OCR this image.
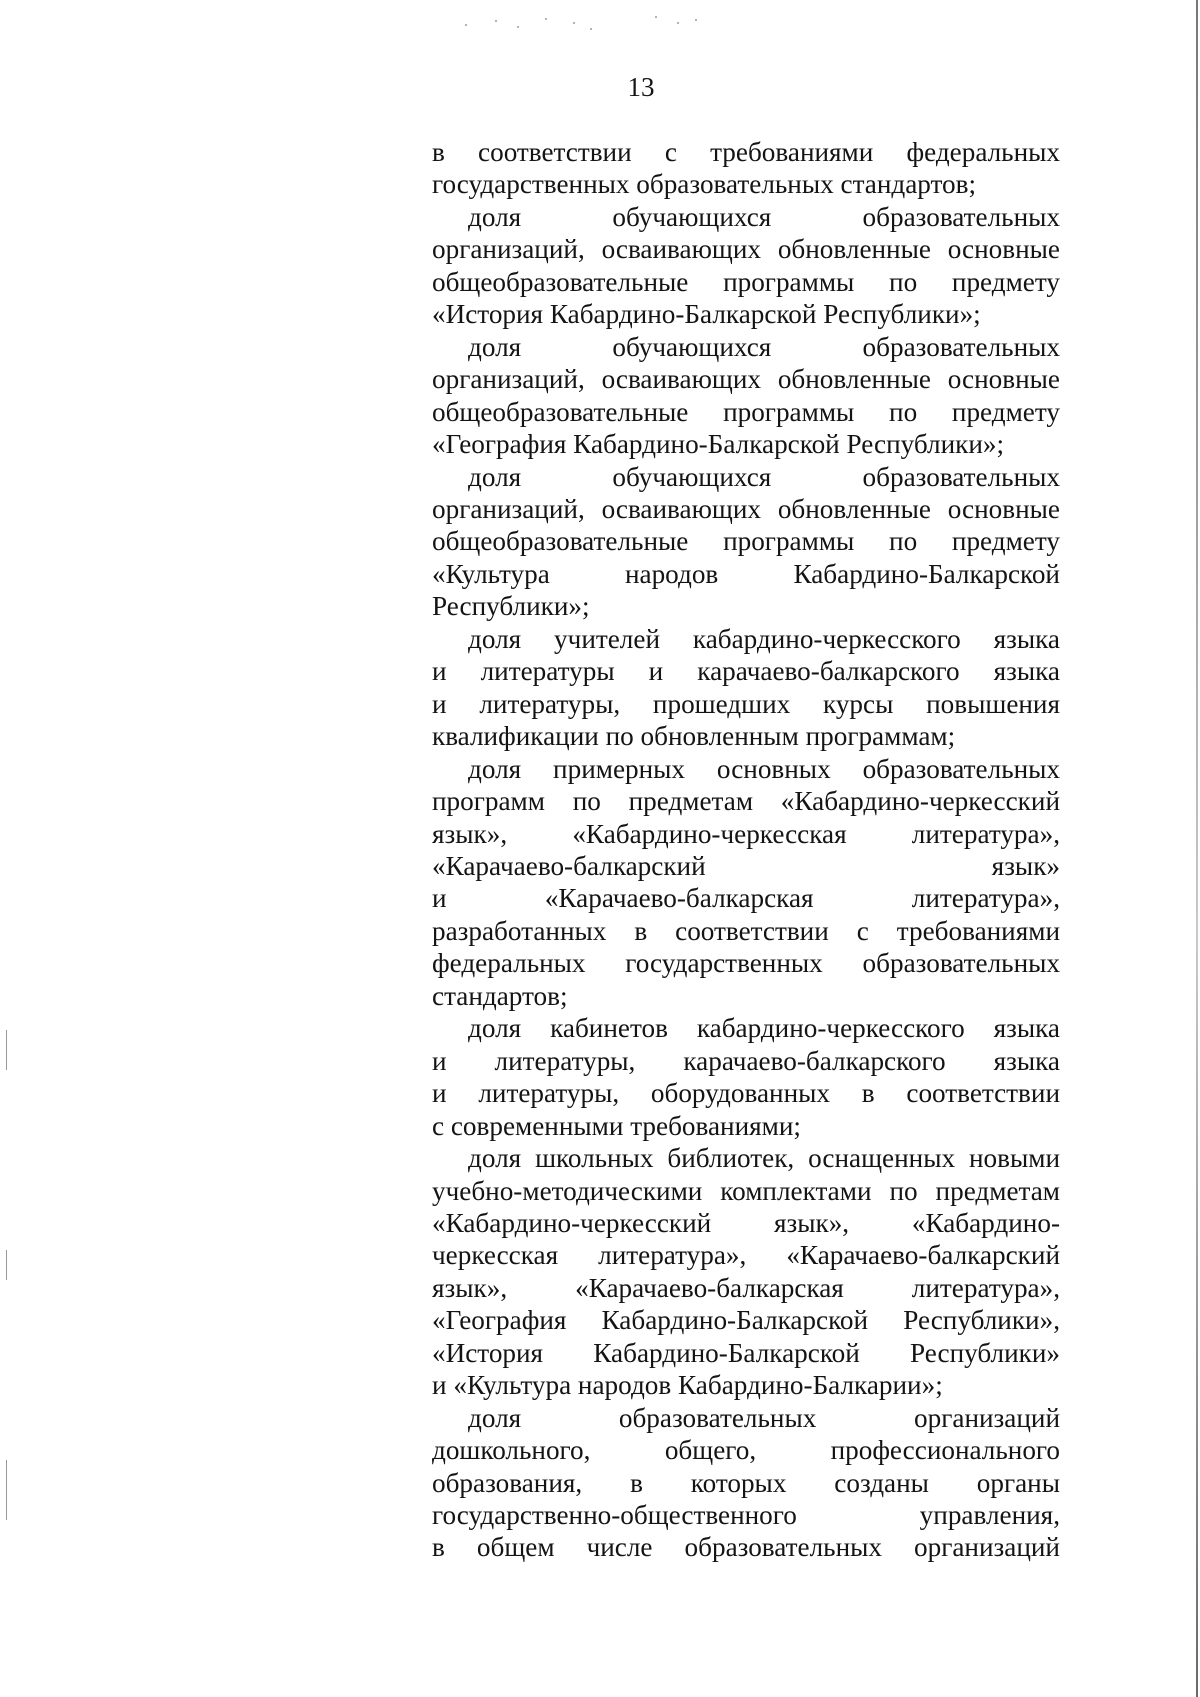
13

в соответствии с требованиями федеральных
государственных образовательных стандартов;

доля обучающихся образовательных
организаций, осваивающих обновленные основные
общеобразовательные программы по предмету
«История Кабардино-Балкарской Республики»;

доля обучающихся образовательных
организаций, осваивающих обновленные основные
общеобразовательные программы по предмету
«География Кабардино-Балкарской Республики»;

доля обучающихся образовательных
организаций, осваивающих обновленные основные
общеобразовательные программы по предмету
«Культура народов Кабардино-Балкарской
Республики»;

доля учителей кабардино-черкесского языка
и литературы и карачаево-балкарского языка
и литературы, прошедших курсы повышения
квалификации по обновленным программам;

доля примерных основных образовательных
программ по предметам «Кабардино-черкесский
язык», «Кабардино-черкесская литература»,
«Карачаево-балкарский язык»
и «Карачаево-балкарская литература»,
разработанных в соответствии с требованиями
федеральных государственных образовательных
стандартов;

доля кабинетов кабардино-черкесского языка
и литературы, карачаево-балкарского языка
и литературы, оборудованных в соответствии
с современными требованиями;

доля школьных библиотек, оснащенных новыми
учебно-методическими комплектами по предметам
«Кабардино-черкесский язык», «Кабардино-
черкесская литература», «Карачаево-балкарский
язык», «Карачаево-балкарская литература»,
«География Кабардино-Балкарской Республики»,
«История Кабардино-Балкарской Республики»
и «Культура народов Кабардино-Балкарии»;

доля образовательных организаций
дошкольного, общего, профессионального
образования, в которых созданы органы
государственно-общественного управления,
в общем числе образовательных организаций
